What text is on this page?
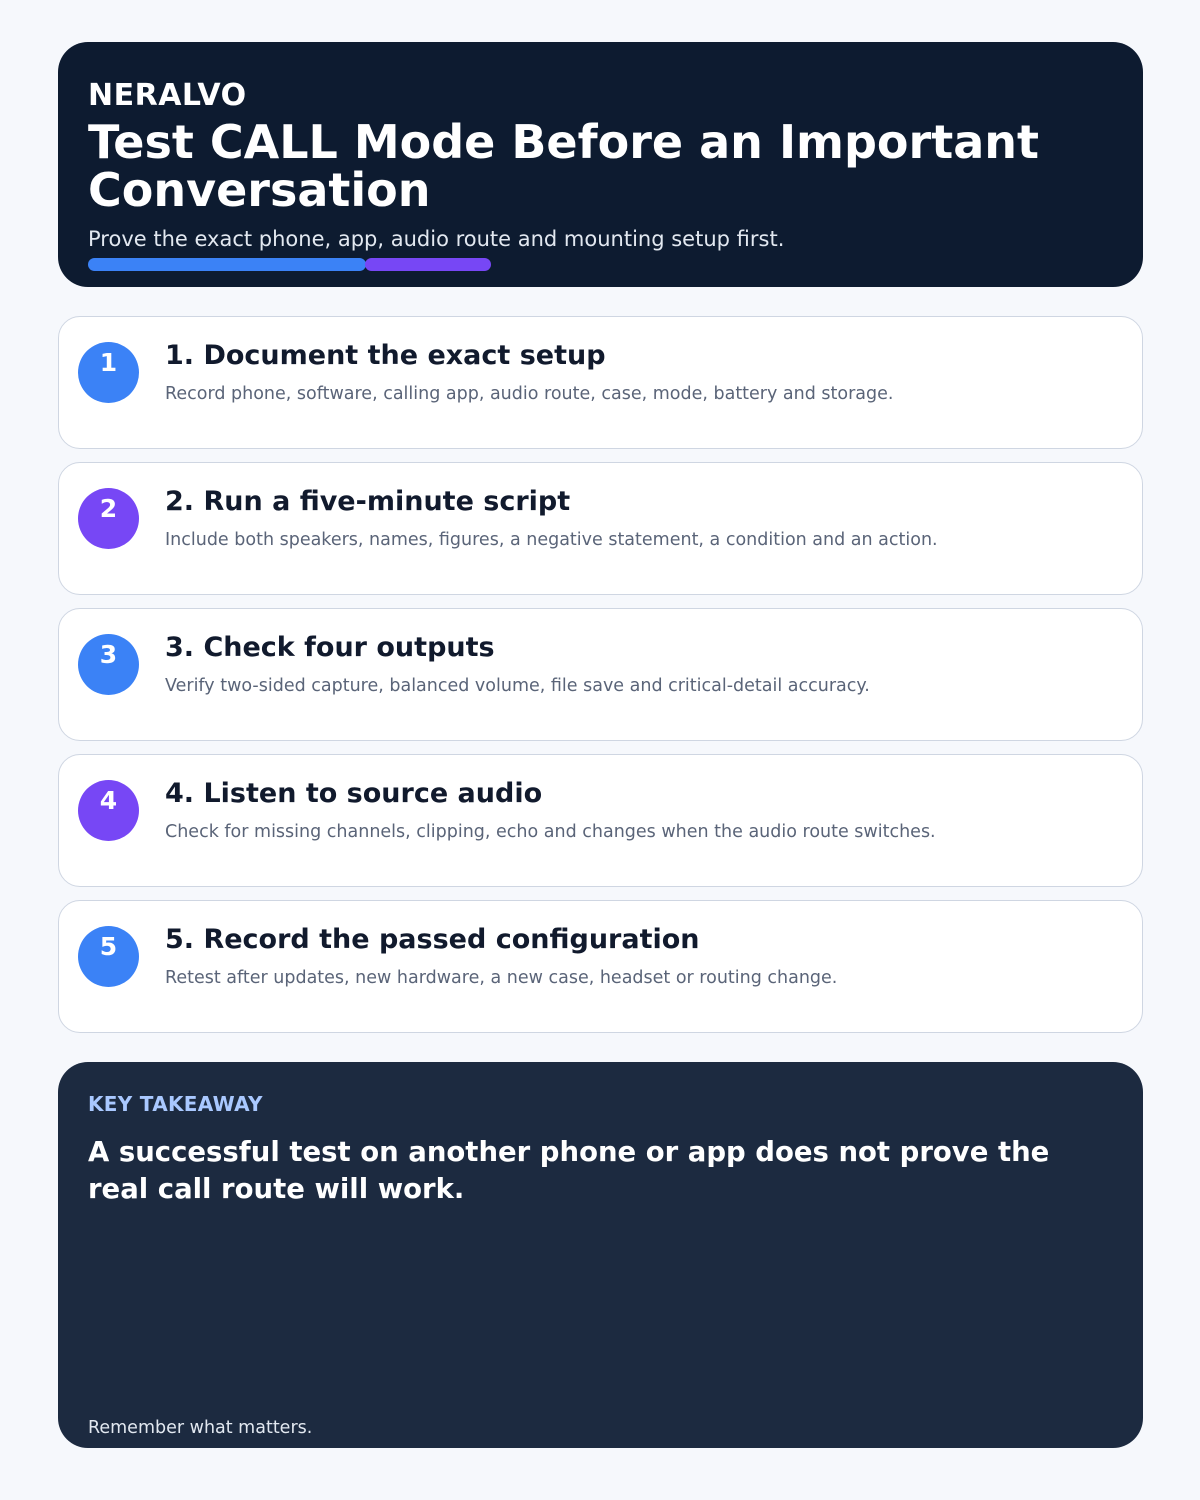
NERALVO
Test CALL Mode Before an Important Conversation
Prove the exact phone, app, audio route and mounting setup first.
1	1. Document the exact setup
Record phone, software, calling app, audio route, case, mode, battery and storage.
2	2. Run a five-minute script
Include both speakers, names, figures, a negative statement, a condition and an action.
3	3. Check four outputs
Verify two-sided capture, balanced volume, file save and critical-detail accuracy.
4	4. Listen to source audio
Check for missing channels, clipping, echo and changes when the audio route switches.
5	5. Record the passed configuration
Retest after updates, new hardware, a new case, headset or routing change.
KEY TAKEAWAY
A successful test on another phone or app does not prove the real call route will work.
Remember what matters.
